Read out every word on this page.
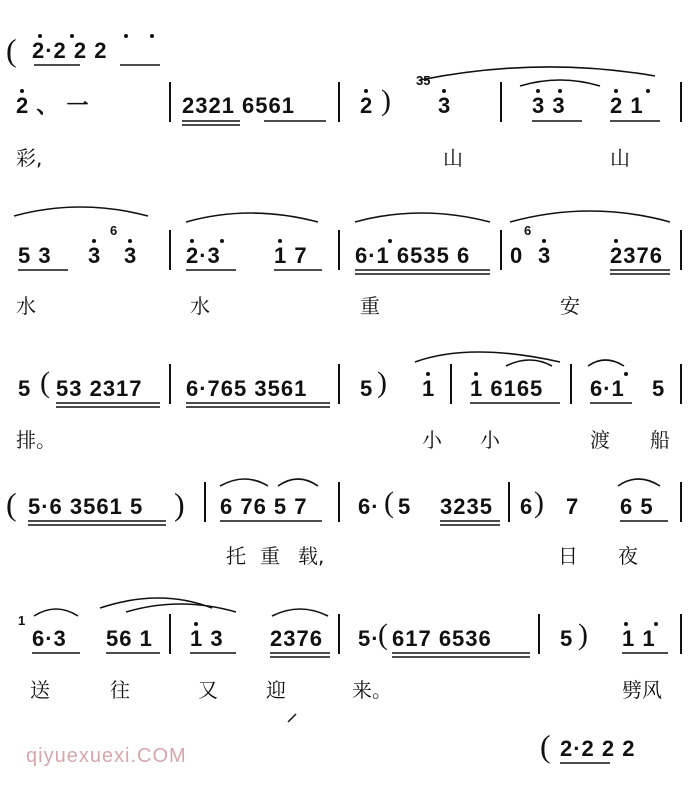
( 2·2 2 2
2 、 一	2321 6561	2 )
35
3	3 3 2 1
彩,	山	山
5 3 3
6
3 2·3 1 7 6·1 6535 6 0
6
3	2376
水	水	重	安
5 ( 53 2317 6·765 3561 5 ) 1 1 6165 6·1 5
排。	小 小	渡 船
( 5·6 3561 5 ) 6 76 5 7 6· ( 5 3235 6 ) 7 6 5
托 重 载,	日 夜
1
6·3 56 1 1 3 2376 5·
( 617 6536	5 ) 1 1
送	往	又 迎	来。	劈风
( 2·2 2 2
qiyuexuexi.COM
